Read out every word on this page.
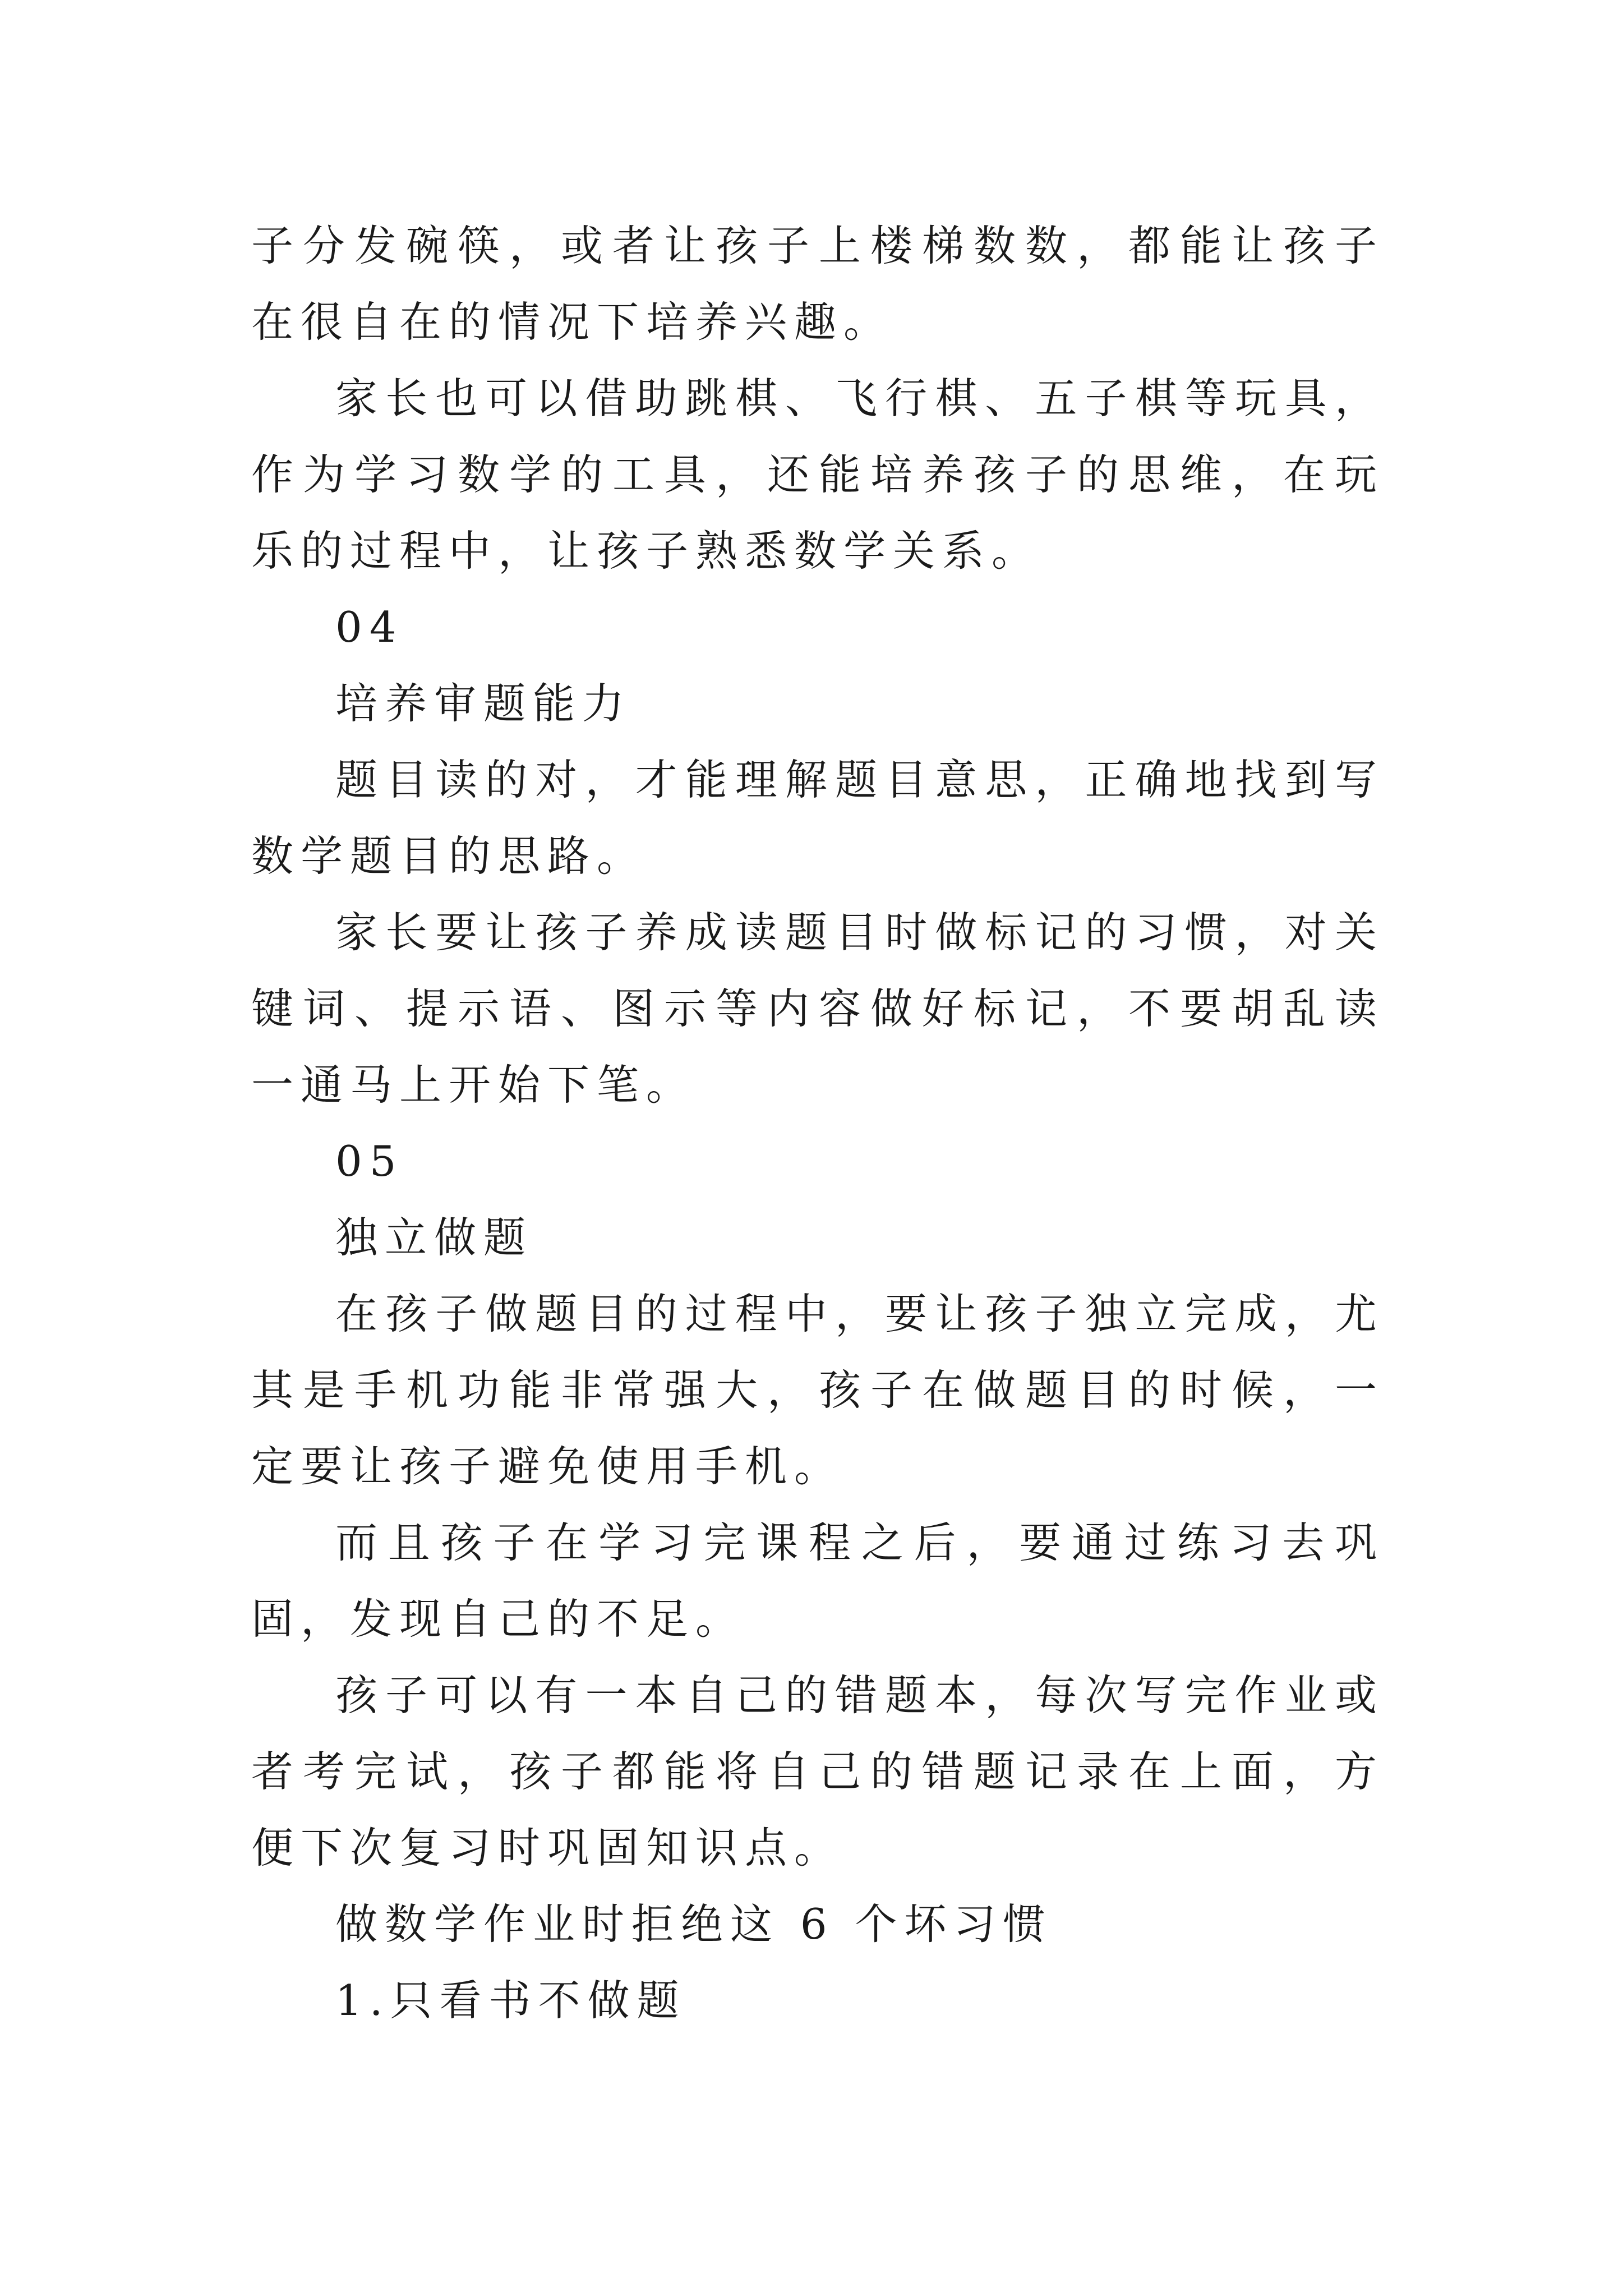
子分发碗筷，或者让孩子上楼梯数数，都能让孩子在很自在的情况下培养兴趣。

家长也可以借助跳棋、飞行棋、五子棋等玩具，作为学习数学的工具，还能培养孩子的思维，在玩乐的过程中，让孩子熟悉数学关系。

04

培养审题能力

题目读的对，才能理解题目意思，正确地找到写数学题目的思路。

家长要让孩子养成读题目时做标记的习惯，对关键词、提示语、图示等内容做好标记，不要胡乱读一通马上开始下笔。

05

独立做题

在孩子做题目的过程中，要让孩子独立完成，尤其是手机功能非常强大，孩子在做题目的时候，一定要让孩子避免使用手机。

而且孩子在学习完课程之后，要通过练习去巩固，发现自己的不足。

孩子可以有一本自己的错题本，每次写完作业或者考完试，孩子都能将自己的错题记录在上面，方便下次复习时巩固知识点。

做数学作业时拒绝这 6 个坏习惯

1.只看书不做题
